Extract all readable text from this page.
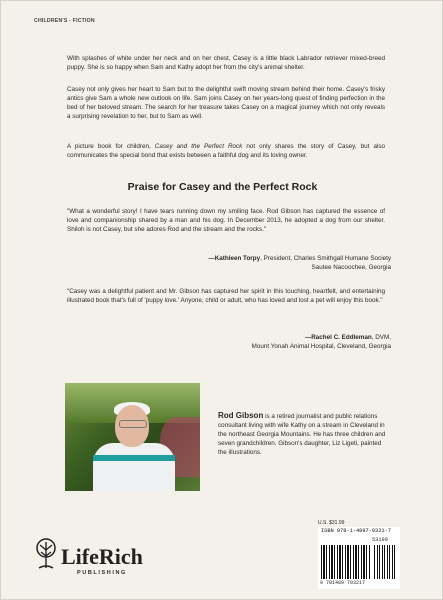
CHILDREN'S - FICTION
With splashes of white under her neck and on her chest, Casey is a little black Labrador retriever mixed-breed puppy. She is so happy when Sam and Kathy adopt her from the city's animal shelter.
Casey not only gives her heart to Sam but to the delightful swift moving stream behind their home. Casey's frisky antics give Sam a whole new outlook on life. Sam joins Casey on her years-long quest of finding perfection in the bed of her beloved stream. The search for her treasure takes Casey on a magical journey which not only reveals a surprising revelation to her, but to Sam as well.
A picture book for children, Casey and the Perfect Rock not only shares the story of Casey, but also communicates the special bond that exists between a faithful dog and its loving owner.
Praise for Casey and the Perfect Rock
"What a wonderful story! I have tears running down my smiling face. Rod Gibson has captured the essence of love and companionship shared by a man and his dog. In December 2013, he adopted a dog from our shelter. Shiloh is not Casey, but she adores Rod and the stream and the rocks."
—Kathleen Torpy, President, Charles Smithgall Humane Society
Sautee Nacoochee, Georgia
"Casey was a delightful patient and Mr. Gibson has captured her spirit in this touching, heartfelt, and entertaining illustrated book that's full of 'puppy love.' Anyone, child or adult, who has loved and lost a pet will enjoy this book."
—Rachel C. Eddleman, DVM,
Mount Yonah Animal Hospital, Cleveland, Georgia
Rod Gibson is a retired journalist and public relations consultant living with wife Kathy on a stream in Cleveland in the northeast Georgia Mountains. He has three children and seven grandchildren. Gibson's daughter, Liz Ligeti, painted the illustrations.
U.S. $31.99
ISBN 978-1-4897-0321-7
53199
9 781489 703217
LifeRich
PUBLISHING
